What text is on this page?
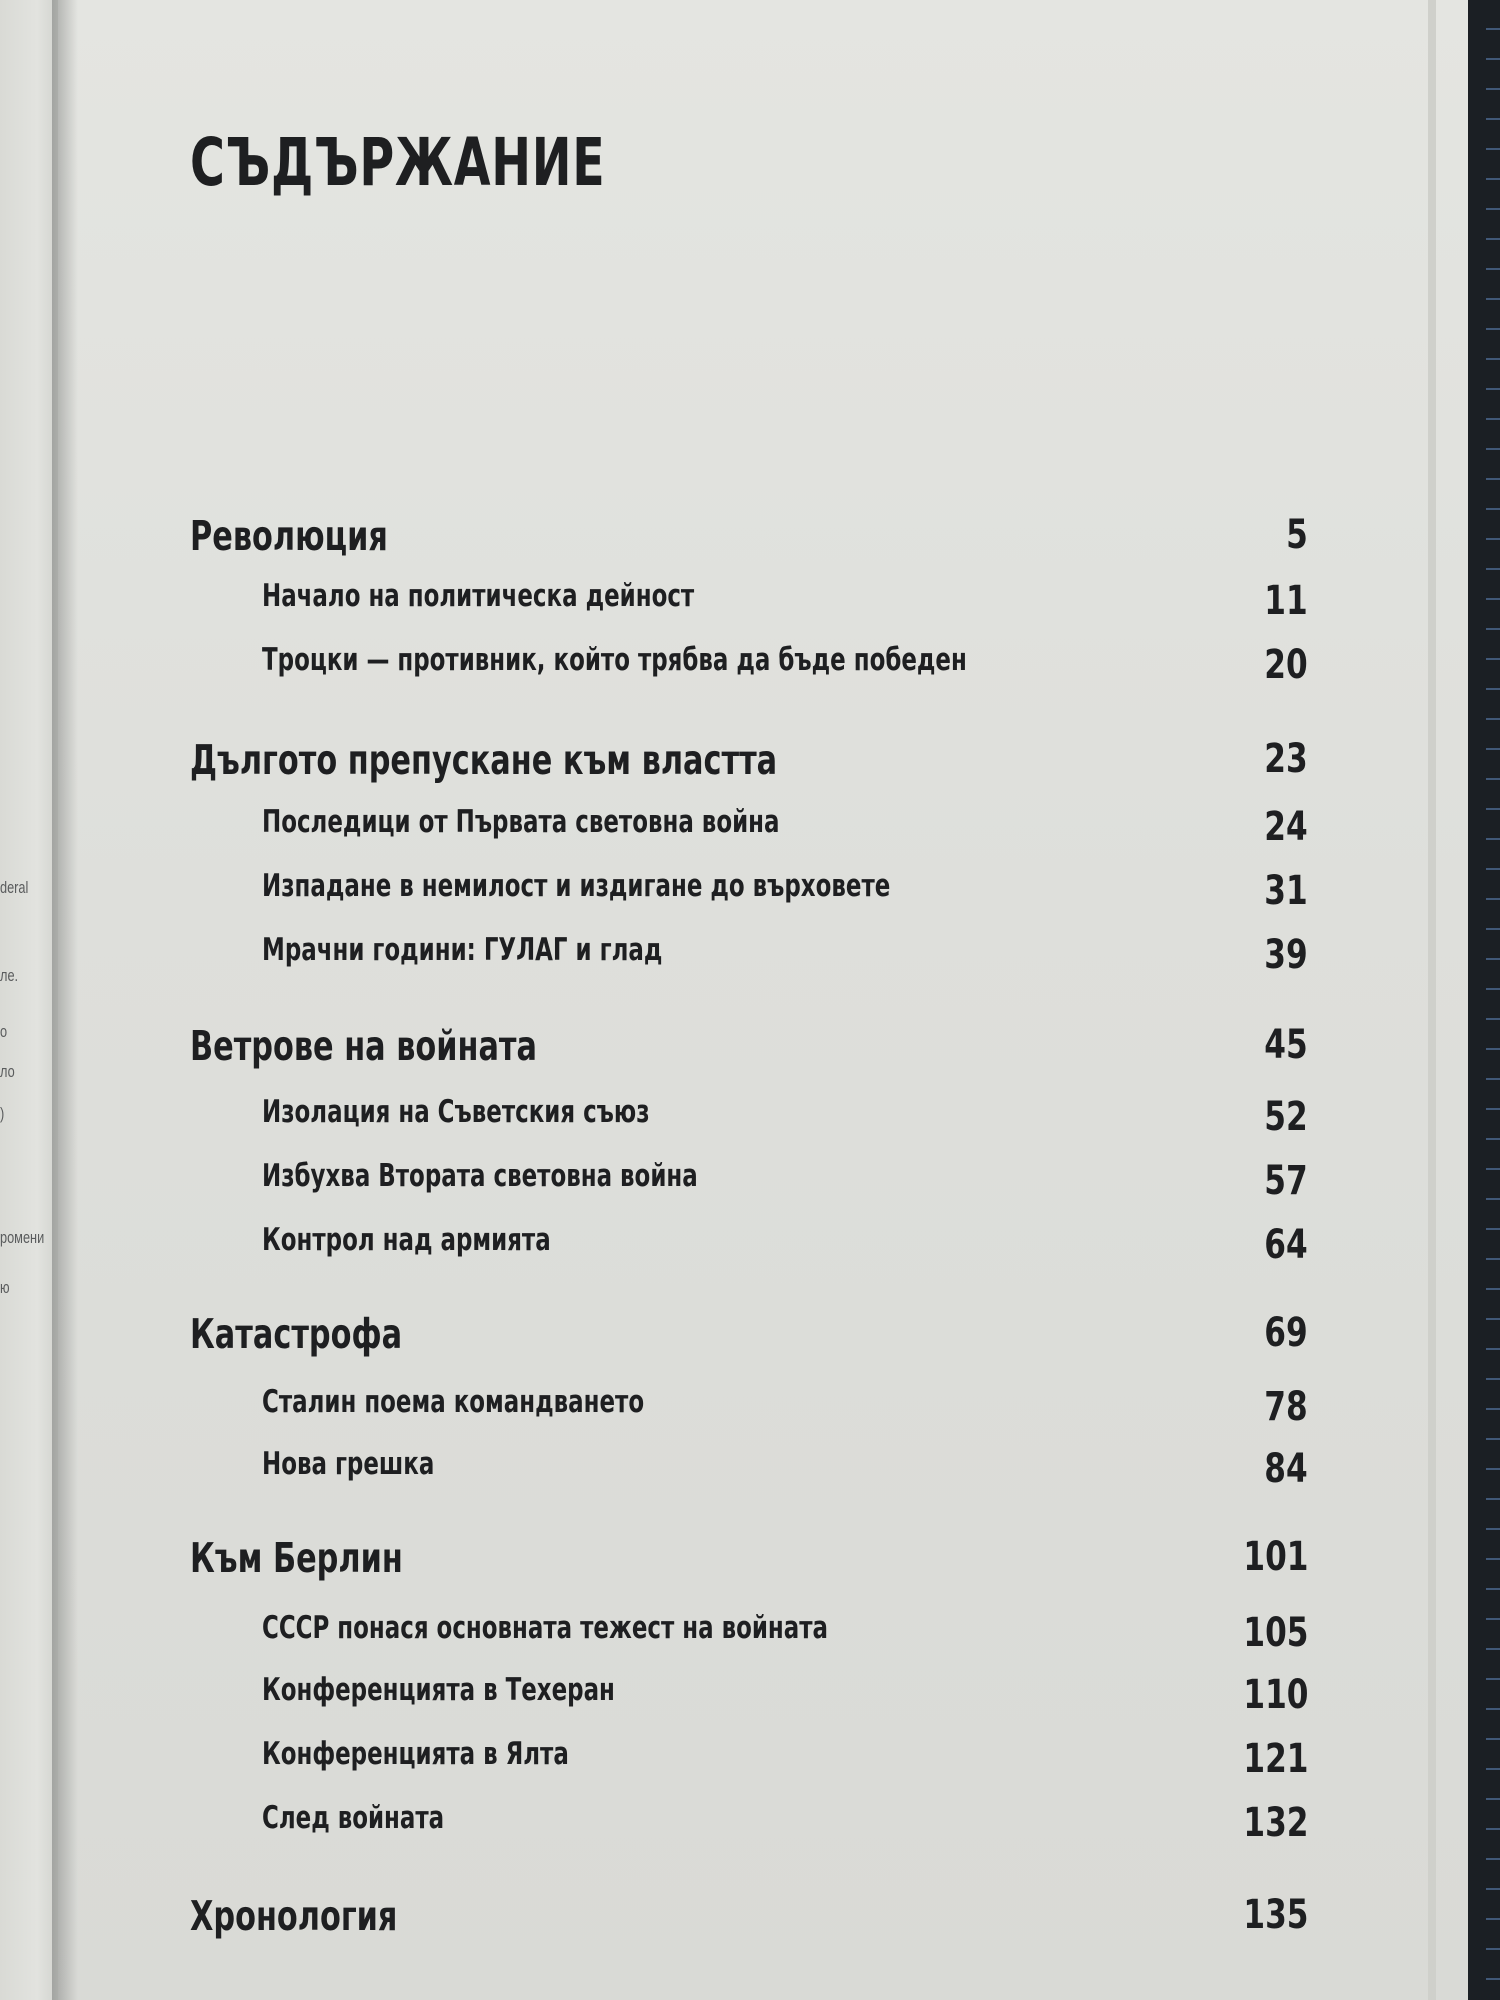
deral
ле.
о
ло
)
ромени
ю
СЪДЪРЖАНИЕ
Революция	5
Начало на политическа дейност	11
Троцки — противник, който трябва да бъде победен	20
Дългото препускане към властта	23
Последици от Първата световна война	24
Изпадане в немилост и издигане до върховете	31
Мрачни години: ГУЛАГ и глад	39
Ветрове на войната	45
Изолация на Съветския съюз	52
Избухва Втората световна война	57
Контрол над армията	64
Катастрофа	69
Сталин поема командването	78
Нова грешка	84
Към Берлин	101
СССР понася основната тежест на войната	105
Конференцията в Техеран	110
Конференцията в Ялта	121
След войната	132
Хронология	135
